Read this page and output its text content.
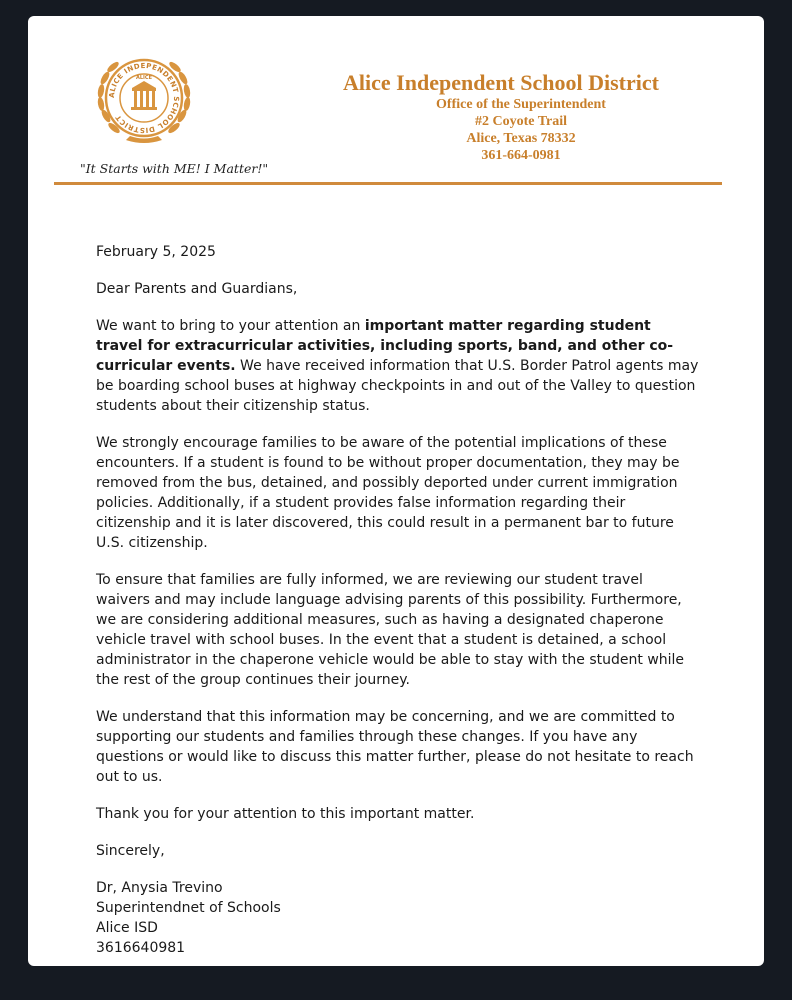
ALICE INDEPENDENT SCHOOL DISTRICT
ALICE
"It Starts with ME! I Matter!"
Alice Independent School District
Office of the Superintendent
#2 Coyote Trail
Alice, Texas 78332
361-664-0981

February 5, 2025

Dear Parents and Guardians,

We want to bring to your attention an important matter regarding student travel for extracurricular activities, including sports, band, and other co-curricular events. We have received information that U.S. Border Patrol agents may be boarding school buses at highway checkpoints in and out of the Valley to question students about their citizenship status.

We strongly encourage families to be aware of the potential implications of these encounters. If a student is found to be without proper documentation, they may be removed from the bus, detained, and possibly deported under current immigration policies. Additionally, if a student provides false information regarding their citizenship and it is later discovered, this could result in a permanent bar to future U.S. citizenship.

To ensure that families are fully informed, we are reviewing our student travel waivers and may include language advising parents of this possibility. Furthermore, we are considering additional measures, such as having a designated chaperone vehicle travel with school buses. In the event that a student is detained, a school administrator in the chaperone vehicle would be able to stay with the student while the rest of the group continues their journey.

We understand that this information may be concerning, and we are committed to supporting our students and families through these changes. If you have any questions or would like to discuss this matter further, please do not hesitate to reach out to us.

Thank you for your attention to this important matter.

Sincerely,

Dr, Anysia Trevino
Superintendnet of Schools
Alice ISD
3616640981
